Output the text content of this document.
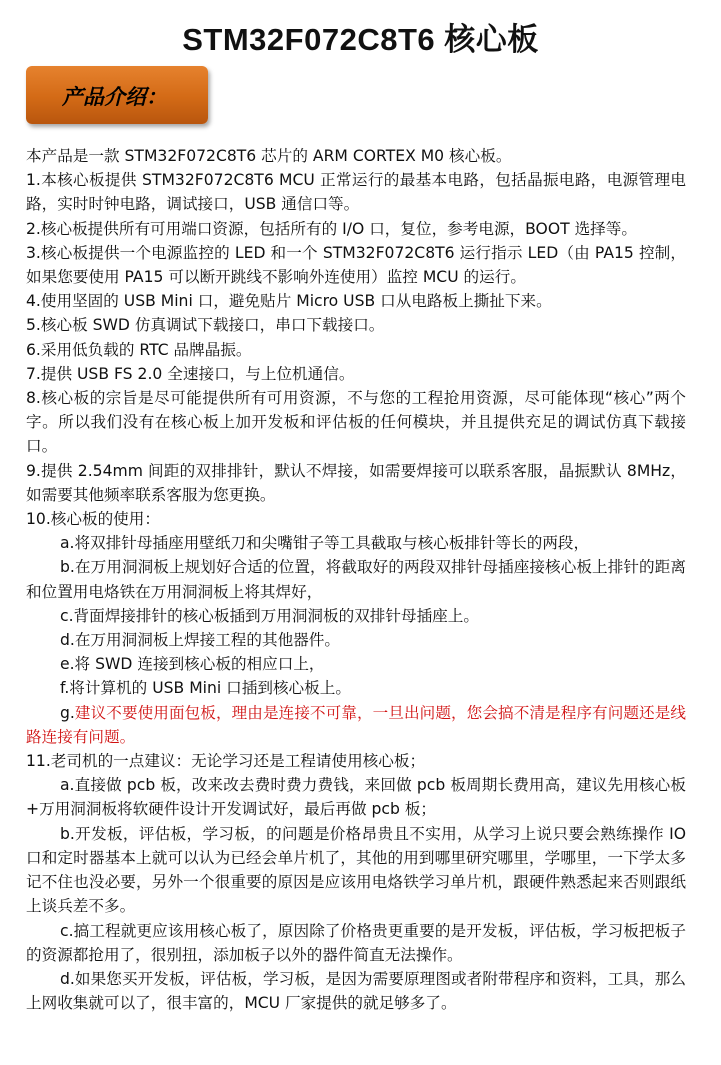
STM32F072C8T6 核心板
产品介绍：

本产品是一款 STM32F072C8T6 芯片的 ARM CORTEX M0 核心板。

1.本核心板提供 STM32F072C8T6 MCU 正常运行的最基本电路，包括晶振电路，电源管理电路，实时时钟电路，调试接口，USB 通信口等。

2.核心板提供所有可用端口资源，包括所有的 I/O 口，复位，参考电源，BOOT 选择等。

3.核心板提供一个电源监控的 LED 和一个 STM32F072C8T6 运行指示 LED（由 PA15 控制，如果您要使用 PA15 可以断开跳线不影响外连使用）监控 MCU 的运行。

4.使用坚固的 USB Mini 口，避免贴片 Micro USB 口从电路板上撕扯下来。

5.核心板 SWD 仿真调试下载接口，串口下载接口。

6.采用低负载的 RTC 品牌晶振。

7.提供 USB FS 2.0 全速接口，与上位机通信。

8.核心板的宗旨是尽可能提供所有可用资源，不与您的工程抢用资源，尽可能体现“核心”两个字。所以我们没有在核心板上加开发板和评估板的任何模块，并且提供充足的调试仿真下载接口。

9.提供 2.54mm 间距的双排排针，默认不焊接，如需要焊接可以联系客服，晶振默认 8MHz，如需要其他频率联系客服为您更换。

10.核心板的使用：

a.将双排针母插座用壁纸刀和尖嘴钳子等工具截取与核心板排针等长的两段，

b.在万用洞洞板上规划好合适的位置，将截取好的两段双排针母插座接核心板上排针的距离和位置用电烙铁在万用洞洞板上将其焊好，

c.背面焊接排针的核心板插到万用洞洞板的双排针母插座上。

d.在万用洞洞板上焊接工程的其他器件。

e.将 SWD 连接到核心板的相应口上，

f.将计算机的 USB Mini 口插到核心板上。

g.建议不要使用面包板，理由是连接不可靠，一旦出问题，您会搞不清是程序有问题还是线路连接有问题。

11.老司机的一点建议：无论学习还是工程请使用核心板；

a.直接做 pcb 板，改来改去费时费力费钱，来回做 pcb 板周期长费用高，建议先用核心板+万用洞洞板将软硬件设计开发调试好，最后再做 pcb 板；

b.开发板，评估板，学习板，的问题是价格昂贵且不实用，从学习上说只要会熟练操作 IO 口和定时器基本上就可以认为已经会单片机了，其他的用到哪里研究哪里，学哪里，一下学太多记不住也没必要，另外一个很重要的原因是应该用电烙铁学习单片机，跟硬件熟悉起来否则跟纸上谈兵差不多。

c.搞工程就更应该用核心板了，原因除了价格贵更重要的是开发板，评估板，学习板把板子的资源都抢用了，很别扭，添加板子以外的器件简直无法操作。

d.如果您买开发板，评估板，学习板，是因为需要原理图或者附带程序和资料，工具，那么上网收集就可以了，很丰富的，MCU 厂家提供的就足够多了。
